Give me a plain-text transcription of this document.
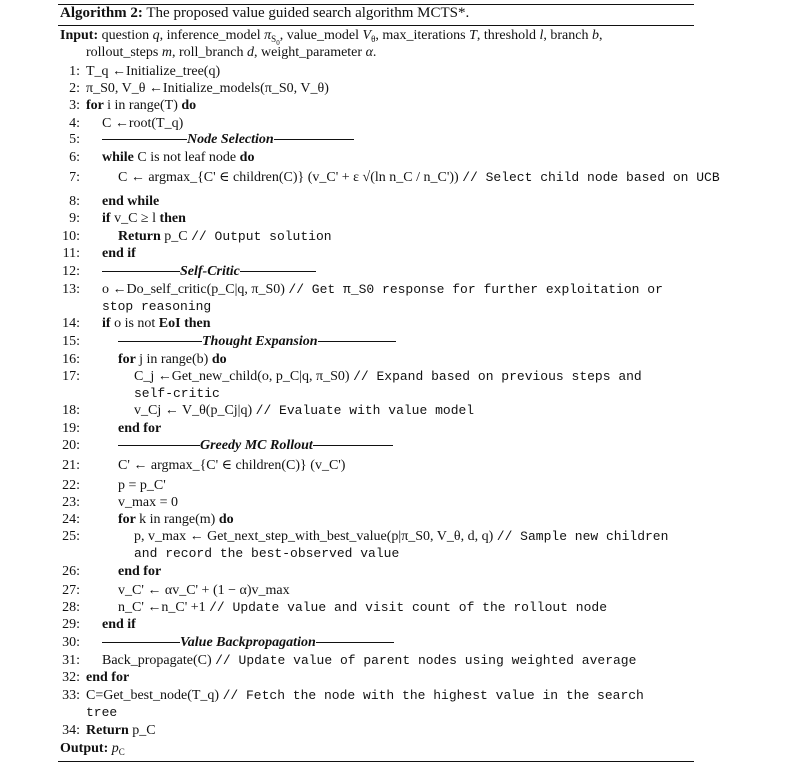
Algorithm 2: The proposed value guided search algorithm MCTS*.
Input: question q, inference_model $\pi_{S_0}$, value_model $V_\theta$, max_iterations T, threshold l, branch b,
rollout_steps m, roll_branch d, weight_parameter α.
1: T_q ←Initialize_tree(q)
2: π_S0, V_θ ←Initialize_models(π_S0, V_θ)
3: for i in range(T) do
4: C ←root(T_q)
5:	Node Selection
6: while C is not leaf node do
7:	C ← argmax_{C' ∈ children(C)} (v_C' + ε √(ln n_C / n_C')) // Select child node based on UCB
8: end while
9: if v_C ≥ l then
10:	Return p_C // Output solution
11: end if
12:	Self-Critic
13: o ←Do_self_critic(p_C|q, π_S0) // Get π_S0 response for further exploitation or
stop reasoning
14: if o is not EoI then
15:	Thought Expansion
16:	for j in range(b) do
17:	C_j ←Get_new_child(o, p_C|q, π_S0) // Expand based on previous steps and
self-critic
18:	v_Cj ← V_θ(p_Cj|q) // Evaluate with value model
19:	end for
20:	Greedy MC Rollout
21:	C' ← argmax_{C' ∈ children(C)} (v_C')
22:	p = p_C'
23:	v_max = 0
24:	for k in range(m) do
25:	p, v_max ← Get_next_step_with_best_value(p|π_S0, V_θ, d, q) // Sample new children
and record the best-observed value
26:	end for
27:	v_C' ← αv_C' + (1 − α)v_max
28:	n_C' ←n_C' +1 // Update value and visit count of the rollout node
29: end if
30:	Value Backpropagation
31: Back_propagate(C) // Update value of parent nodes using weighted average
32: end for
33: C=Get_best_node(T_q) // Fetch the node with the highest value in the search
tree
34: Return p_C
Output: $p_C$
